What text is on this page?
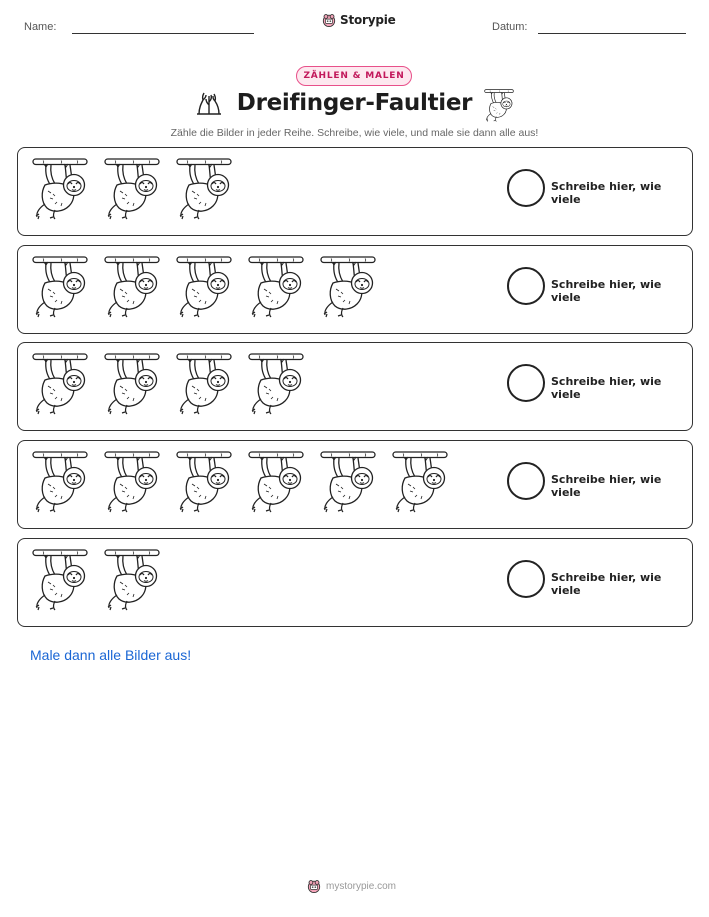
Name:	Storypie	Datum:
ZÄHLEN & MALEN
Dreifinger-Faultier
Zähle die Bilder in jeder Reihe. Schreibe, wie viele, und male sie dann alle aus!
Schreibe hier, wie viele
Schreibe hier, wie viele
Schreibe hier, wie viele
Schreibe hier, wie viele
Schreibe hier, wie viele
Male dann alle Bilder aus!
mystorypie.com
